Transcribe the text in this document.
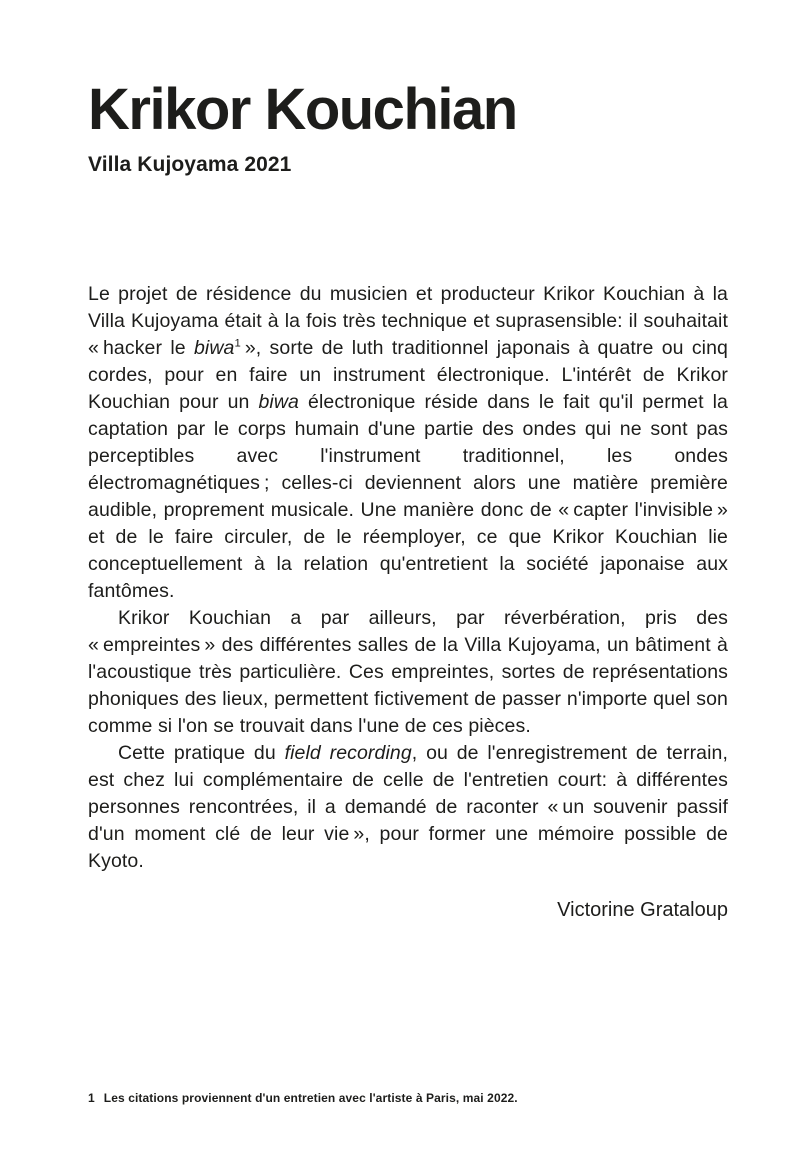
Krikor Kouchian

Villa Kujoyama 2021

Le projet de résidence du musicien et producteur Krikor Kouchian à la Villa Kujoyama était à la fois très technique et suprasensible: il souhaitait « hacker le biwa$^1$ », sorte de luth traditionnel japonais à quatre ou cinq cordes, pour en faire un instrument électronique. L'intérêt de Krikor Kouchian pour un biwa électronique réside dans le fait qu'il permet la captation par le corps humain d'une partie des ondes qui ne sont pas perceptibles avec l'instrument traditionnel, les ondes électromagnétiques ; celles-ci deviennent alors une matière première audible, proprement musicale. Une manière donc de « capter l'invisible » et de le faire circuler, de le réemployer, ce que Krikor Kouchian lie conceptuellement à la relation qu'entretient la société japonaise aux fantômes.

Krikor Kouchian a par ailleurs, par réverbération, pris des « empreintes » des différentes salles de la Villa Kujoyama, un bâtiment à l'acoustique très particulière. Ces empreintes, sortes de représentations phoniques des lieux, permettent fictivement de passer n'importe quel son comme si l'on se trouvait dans l'une de ces pièces.

Cette pratique du field recording, ou de l'enregistrement de terrain, est chez lui complémentaire de celle de l'entretien court: à différentes personnes rencontrées, il a demandé de raconter « un souvenir passif d'un moment clé de leur vie », pour former une mémoire possible de Kyoto.

Victorine Grataloup

1 Les citations proviennent d'un entretien avec l'artiste à Paris, mai 2022.
